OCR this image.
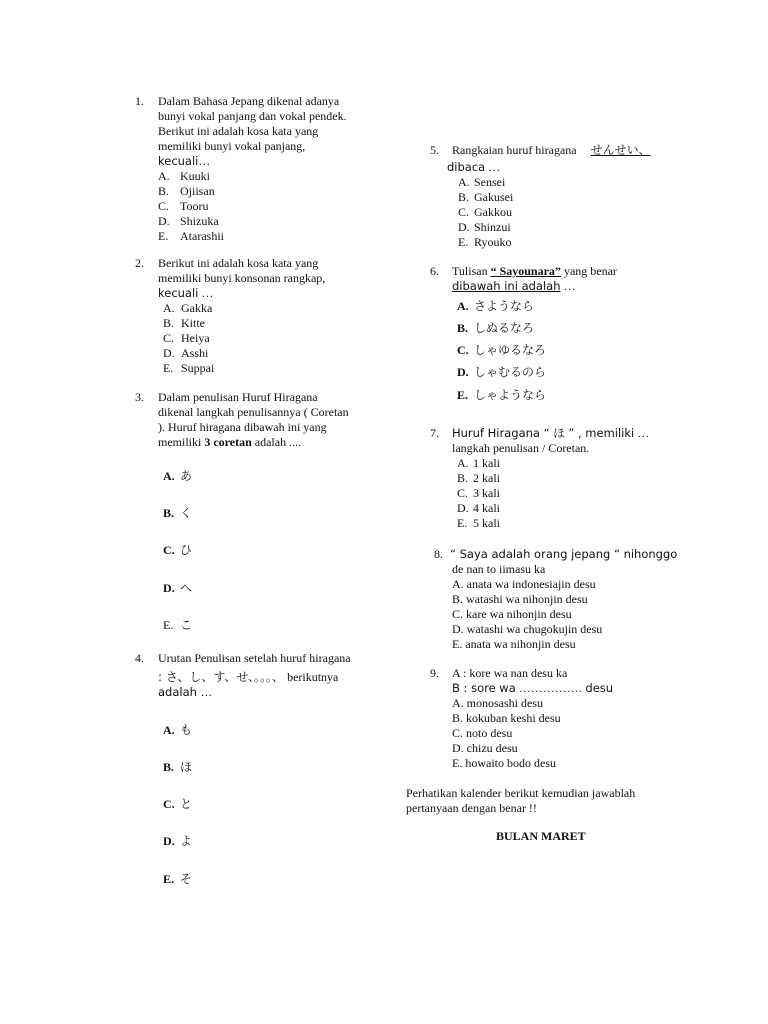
1. Dalam Bahasa Jepang dikenal adanya
bunyi vokal panjang dan vokal pendek.
Berikut ini adalah kosa kata yang
memiliki bunyi vokal panjang,
kecuali…
A. Kuuki
B. Ojiisan
C. Tooru
D. Shizuka
E. Atarashii
2. Berikut ini adalah kosa kata yang
memiliki bunyi konsonan rangkap,
kecuali …
A. Gakka
B. Kitte
C. Heiya
D. Asshi
E. Suppai
3. Dalam penulisan Huruf Hiragana
dikenal langkah penulisannya ( Coretan
). Huruf hiragana dibawah ini yang
memiliki 3 coretan adalah ....
A. あ
B. く
C. ひ
D. へ
E. こ
4. Urutan Penulisan setelah huruf hiragana
: さ、し、す、せ、。。。、 berikutnya
adalah …
A. も
B. ほ
C. と
D. よ
E. そ
5. Rangkaian huruf hiragana せんせい、
dibaca …
A. Sensei
B. Gakusei
C. Gakkou
D. Shinzui
E. Ryouko
6. Tulisan “ Sayounara” yang benar
dibawah ini adalah …
A. さようなら
B. しぬるなろ
C. しゃゆるなろ
D. しゃむるのら
E. しゃようなら
7. Huruf Hiragana “ ほ ” , memiliki …
langkah penulisan / Coretan.
A. 1 kali
B. 2 kali
C. 3 kali
D. 4 kali
E. 5 kali
8. “ Saya adalah orang jepang “ nihonggo
de nan to iimasu ka
A. anata wa indonesiajin desu
B. watashi wa nihonjin desu
C. kare wa nihonjin desu
D. watashi wa chugokujin desu
E. anata wa nihonjin desu
9. A : kore wa nan desu ka
B : sore wa ……………. desu
A. monosashi desu
B. kokuban keshi desu
C. noto desu
D. chizu desu
E. howaito bodo desu
Perhatikan kalender berikut kemudian jawablah
pertanyaan dengan benar !!
BULAN MARET
